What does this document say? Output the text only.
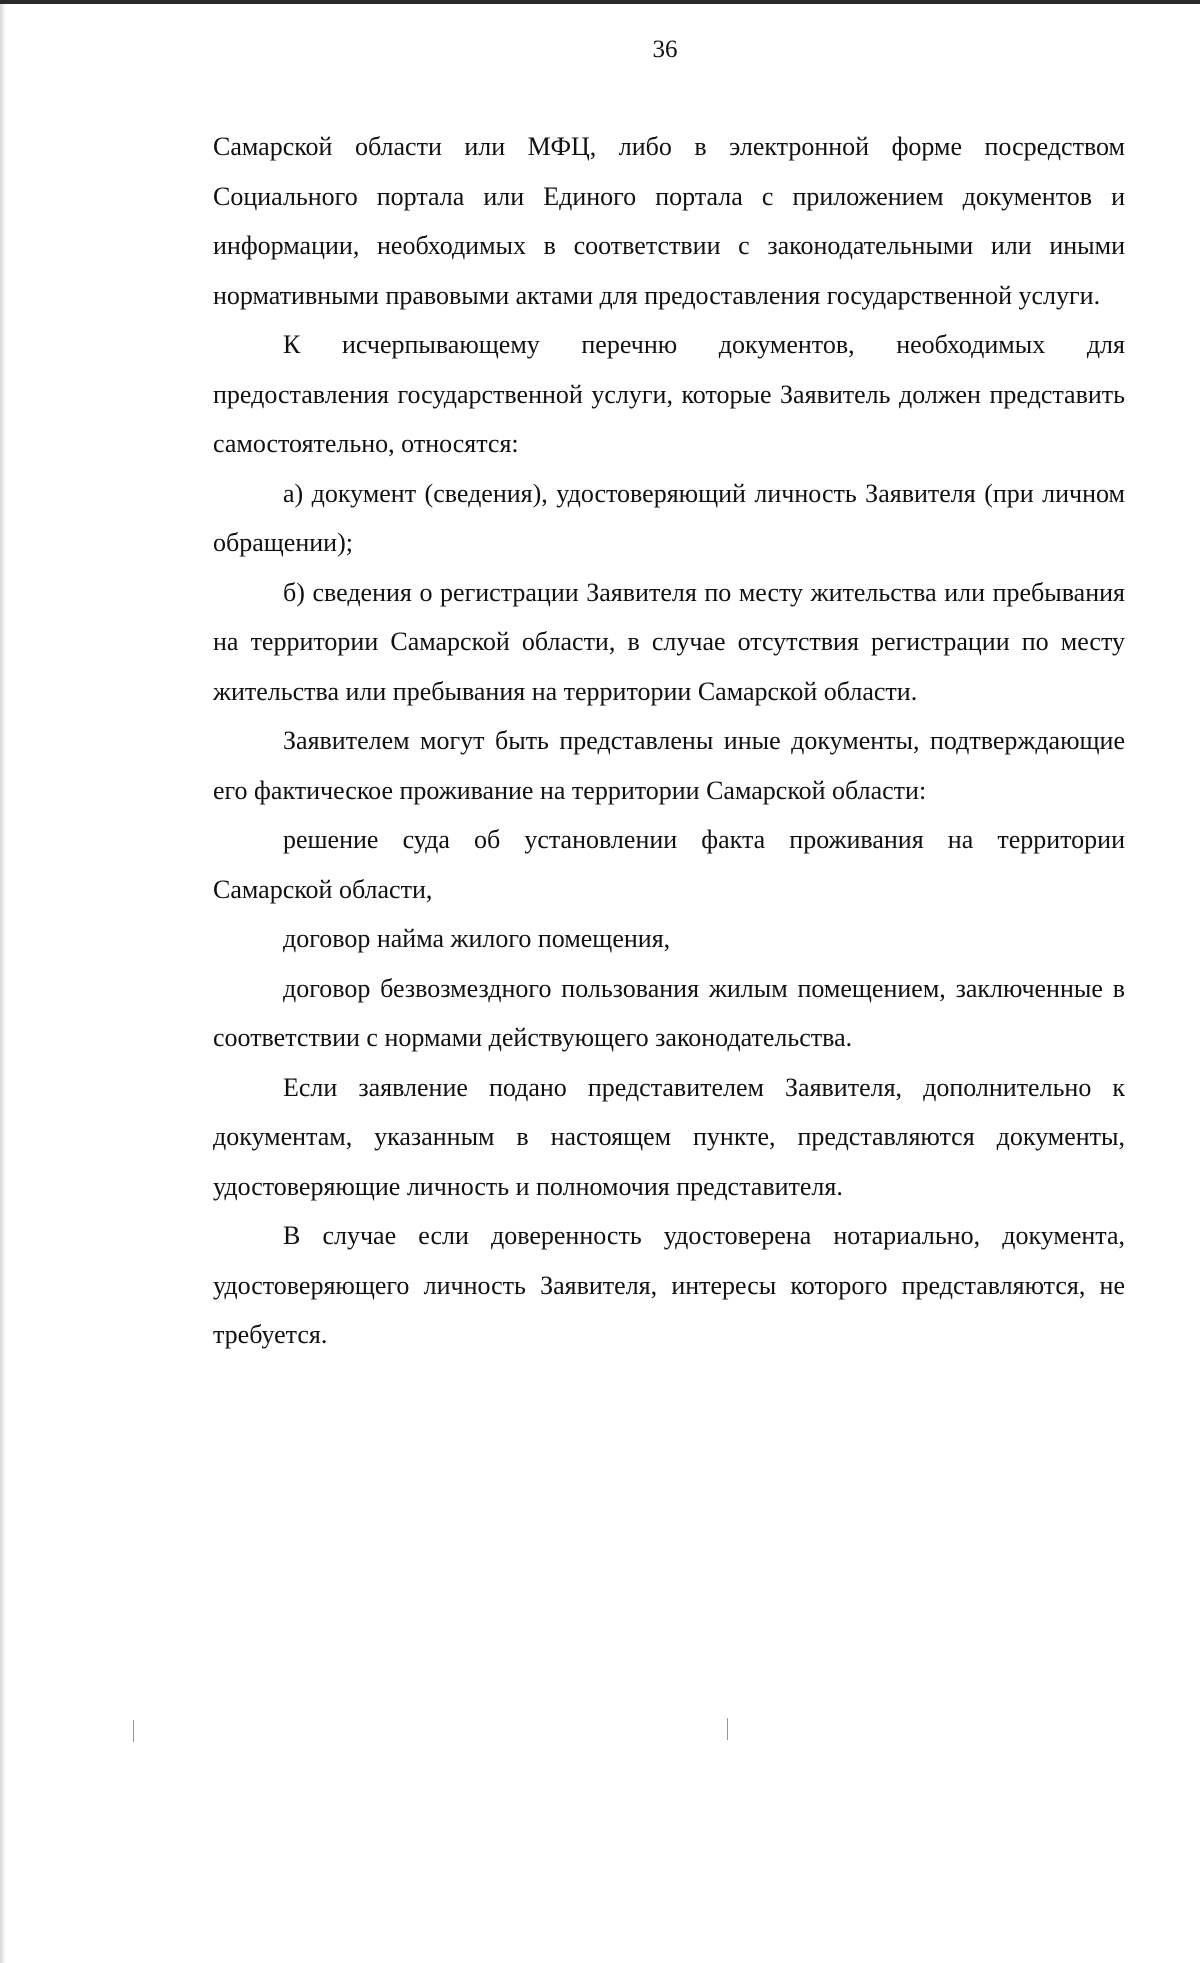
36

Самарской области или МФЦ, либо в электронной форме посредством Социального портала или Единого портала с приложением документов и информации, необходимых в соответствии с законодательными или иными нормативными правовыми актами для предоставления государственной услуги.

К исчерпывающему перечню документов, необходимых для предоставления государственной услуги, которые Заявитель должен представить самостоятельно, относятся:

а) документ (сведения), удостоверяющий личность Заявителя (при личном обращении);

б) сведения о регистрации Заявителя по месту жительства или пребывания на территории Самарской области, в случае отсутствия регистрации по месту жительства или пребывания на территории Самарской области.

Заявителем могут быть представлены иные документы, подтверждающие его фактическое проживание на территории Самарской области:

решение суда об установлении факта проживания на территории Самарской области,

договор найма жилого помещения,

договор безвозмездного пользования жилым помещением, заключенные в соответствии с нормами действующего законодательства.

Если заявление подано представителем Заявителя, дополнительно к документам, указанным в настоящем пункте, представляются документы, удостоверяющие личность и полномочия представителя.

В случае если доверенность удостоверена нотариально, документа, удостоверяющего личность Заявителя, интересы которого представляются, не требуется.
